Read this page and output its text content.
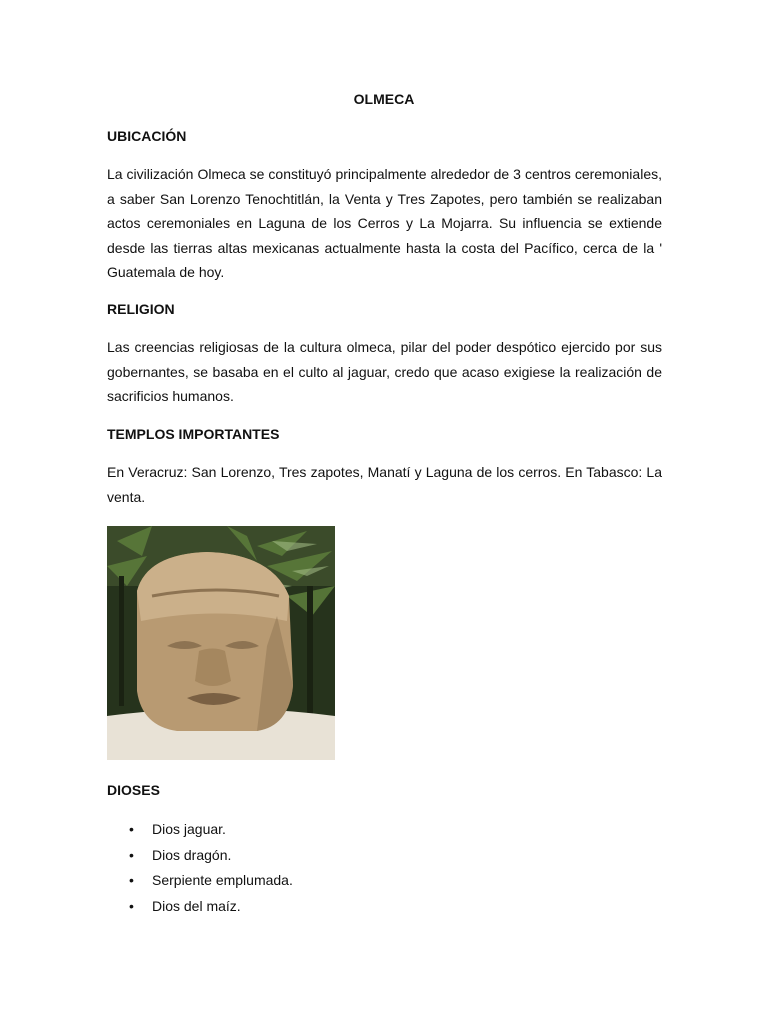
OLMECA
UBICACIÓN

La civilización Olmeca se constituyó principalmente alrededor de 3 centros ceremoniales, a saber San Lorenzo Tenochtitlán, la Venta y Tres Zapotes, pero también se realizaban actos ceremoniales en Laguna de los Cerros y La Mojarra. Su influencia se extiende desde las tierras altas mexicanas actualmente hasta la costa del Pacífico, cerca de la ' Guatemala de hoy.

RELIGION

Las creencias religiosas de la cultura olmeca, pilar del poder despótico ejercido por sus gobernantes, se basaba en el culto al jaguar, credo que acaso exigiese la realización de sacrificios humanos.

TEMPLOS IMPORTANTES

En Veracruz: San Lorenzo, Tres zapotes, Manatí y Laguna de los cerros. En Tabasco: La venta.

DIOSES
• Dios jaguar.
• Dios dragón.
• Serpiente emplumada.
• Dios del maíz.
